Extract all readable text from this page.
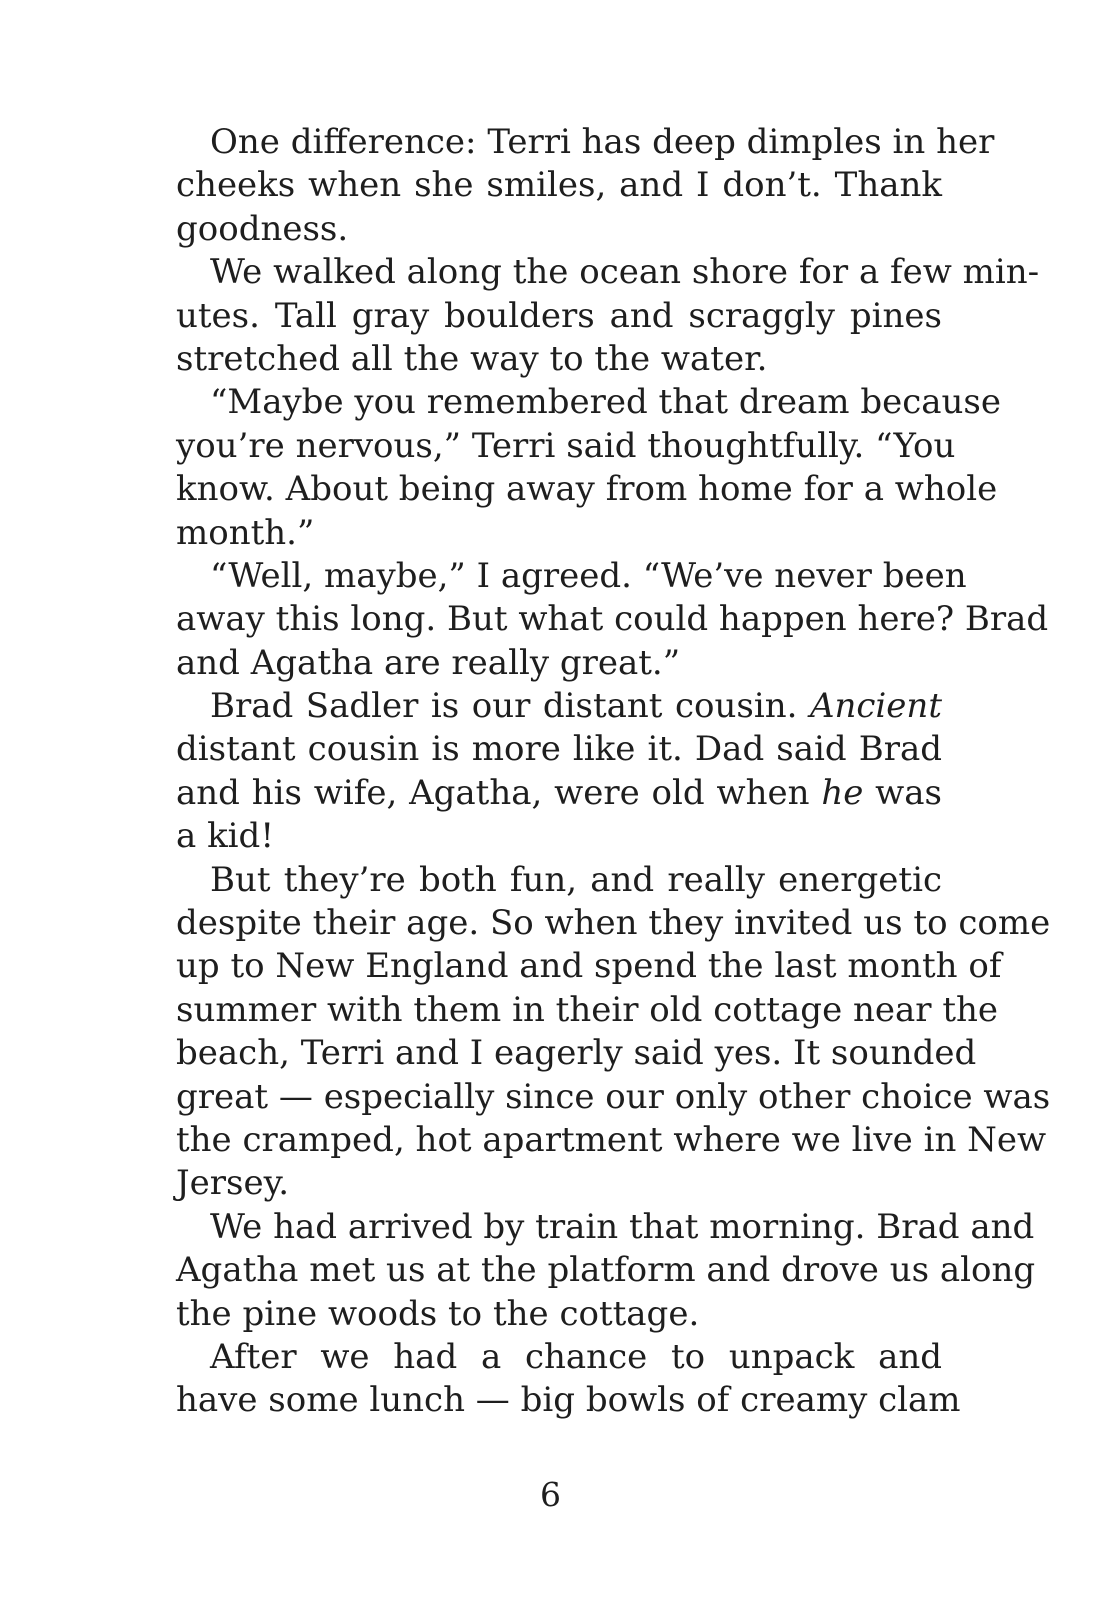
One difference: Terri has deep dimples in her
cheeks when she smiles, and I don’t. Thank
goodness.
We walked along the ocean shore for a few min-
utes. Tall gray boulders and scraggly pines
stretched all the way to the water.
“Maybe you remembered that dream because
you’re nervous,” Terri said thoughtfully. “You
know. About being away from home for a whole
month.”
“Well, maybe,” I agreed. “We’ve never been
away this long. But what could happen here? Brad
and Agatha are really great.”
Brad Sadler is our distant cousin. Ancient
distant cousin is more like it. Dad said Brad
and his wife, Agatha, were old when he was
a kid!
But they’re both fun, and really energetic
despite their age. So when they invited us to come
up to New England and spend the last month of
summer with them in their old cottage near the
beach, Terri and I eagerly said yes. It sounded
great — especially since our only other choice was
the cramped, hot apartment where we live in New
Jersey.
We had arrived by train that morning. Brad and
Agatha met us at the platform and drove us along
the pine woods to the cottage.
After we had a chance to unpack and
have some lunch — big bowls of creamy clam
6
